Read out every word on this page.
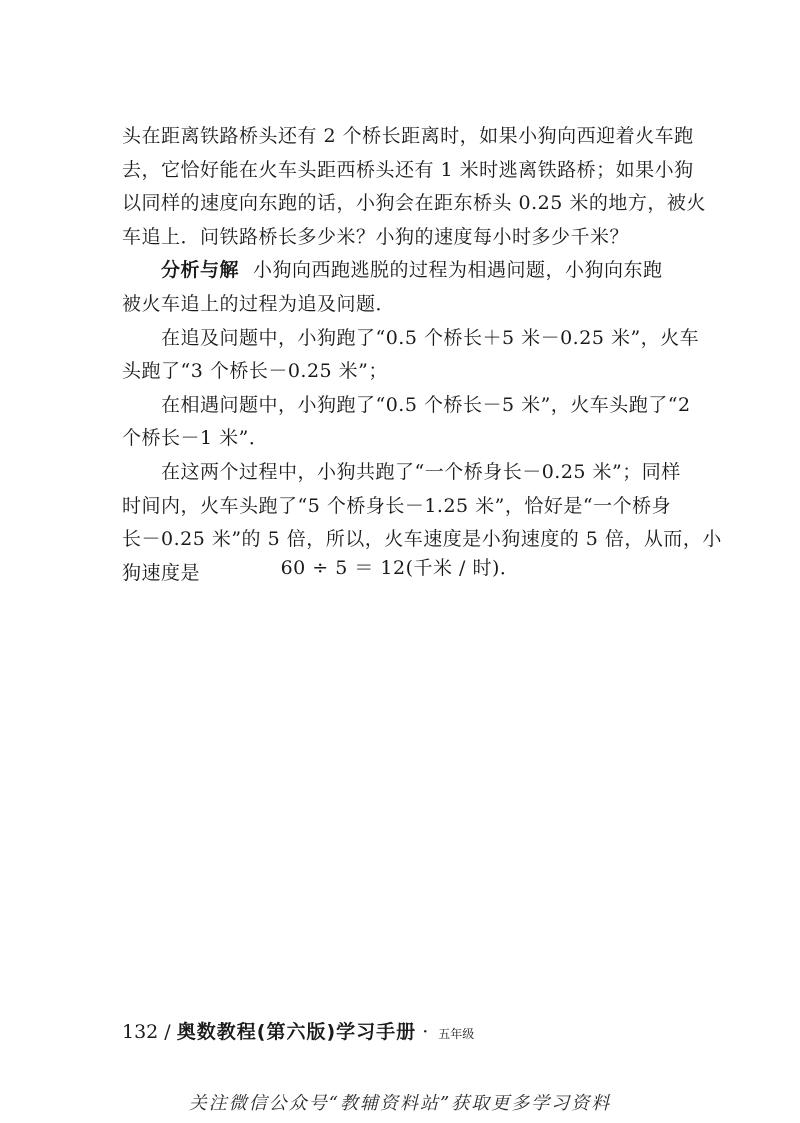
头在距离铁路桥头还有 2 个桥长距离时，如果小狗向西迎着火车跑
去，它恰好能在火车头距西桥头还有 1 米时逃离铁路桥；如果小狗
以同样的速度向东跑的话，小狗会在距东桥头 0.25 米的地方，被火
车追上．问铁路桥长多少米？小狗的速度每小时多少千米？
分析与解 小狗向西跑逃脱的过程为相遇问题，小狗向东跑
被火车追上的过程为追及问题．
在追及问题中，小狗跑了“0.5 个桥长＋5 米－0.25 米”，火车
头跑了“3 个桥长－0.25 米”；
在相遇问题中，小狗跑了“0.5 个桥长－5 米”，火车头跑了“2
个桥长－1 米”．
在这两个过程中，小狗共跑了“一个桥身长－0.25 米”；同样
时间内，火车头跑了“5 个桥身长－1.25 米”，恰好是“一个桥身
长－0.25 米”的 5 倍，所以，火车速度是小狗速度的 5 倍，从而，小
狗速度是	60 ÷ 5 ＝ 12(千米 / 时)．
132 / 奥数教程(第六版)学习手册 · 五年级
关注微信公众号“教辅资料站”获取更多学习资料
